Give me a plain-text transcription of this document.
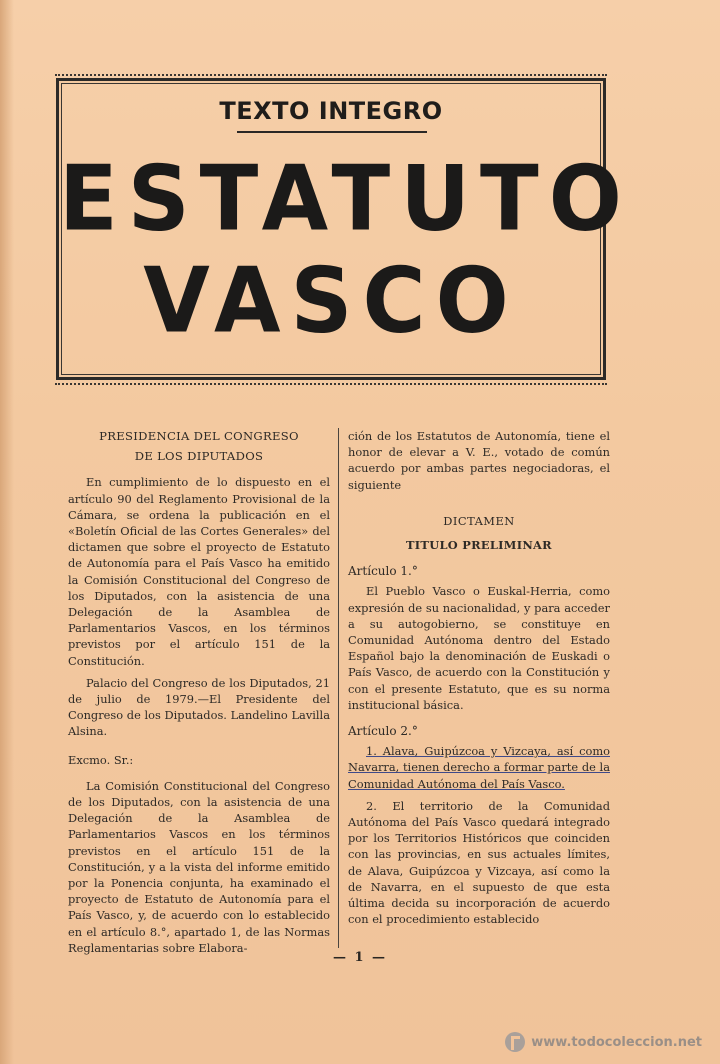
TEXTO INTEGRO
ESTATUTO
VASCO
PRESIDENCIA DEL CONGRESO
DE LOS DIPUTADOS

En cumplimiento de lo dispuesto en el artículo 90 del Reglamento Provisional de la Cámara, se ordena la publicación en el «Boletín Oficial de las Cortes Generales» del dictamen que sobre el proyecto de Estatuto de Autonomía para el País Vasco ha emitido la Comisión Constitucional del Congreso de los Diputados, con la asistencia de una Delegación de la Asamblea de Parlamentarios Vascos, en los términos previstos por el artículo 151 de la Constitución.

Palacio del Congreso de los Diputados, 21 de julio de 1979.—El Presidente del Congreso de los Diputados. Landelino Lavilla Alsina.

Excmo. Sr.:

La Comisión Constitucional del Congreso de los Diputados, con la asistencia de una Delegación de la Asamblea de Parlamentarios Vascos en los términos previstos en el artículo 151 de la Constitución, y a la vista del informe emitido por la Ponencia conjunta, ha examinado el proyecto de Estatuto de Autonomía para el País Vasco, y, de acuerdo con lo establecido en el artículo 8.°, apartado 1, de las Normas Reglamentarias sobre Elabora-

ción de los Estatutos de Autonomía, tiene el honor de elevar a V. E., votado de común acuerdo por ambas partes negociadoras, el siguiente

DICTAMEN
TITULO PRELIMINAR
Artículo 1.°

El Pueblo Vasco o Euskal-Herria, como expresión de su nacionalidad, y para acceder a su autogobierno, se constituye en Comunidad Autónoma dentro del Estado Español bajo la denominación de Euskadi o País Vasco, de acuerdo con la Constitución y con el presente Estatuto, que es su norma institucional básica.

Artículo 2.°

1. Alava, Guipúzcoa y Vizcaya, así como Navarra, tienen derecho a formar parte de la Comunidad Autónoma del País Vasco.

2. El territorio de la Comunidad Autónoma del País Vasco quedará integrado por los Territorios Históricos que coinciden con las provincias, en sus actuales límites, de Alava, Guipúzcoa y Vizcaya, así como la de Navarra, en el supuesto de que esta última decida su incorporación de acuerdo con el procedimiento establecido

— 1 —
www.todocoleccion.net
